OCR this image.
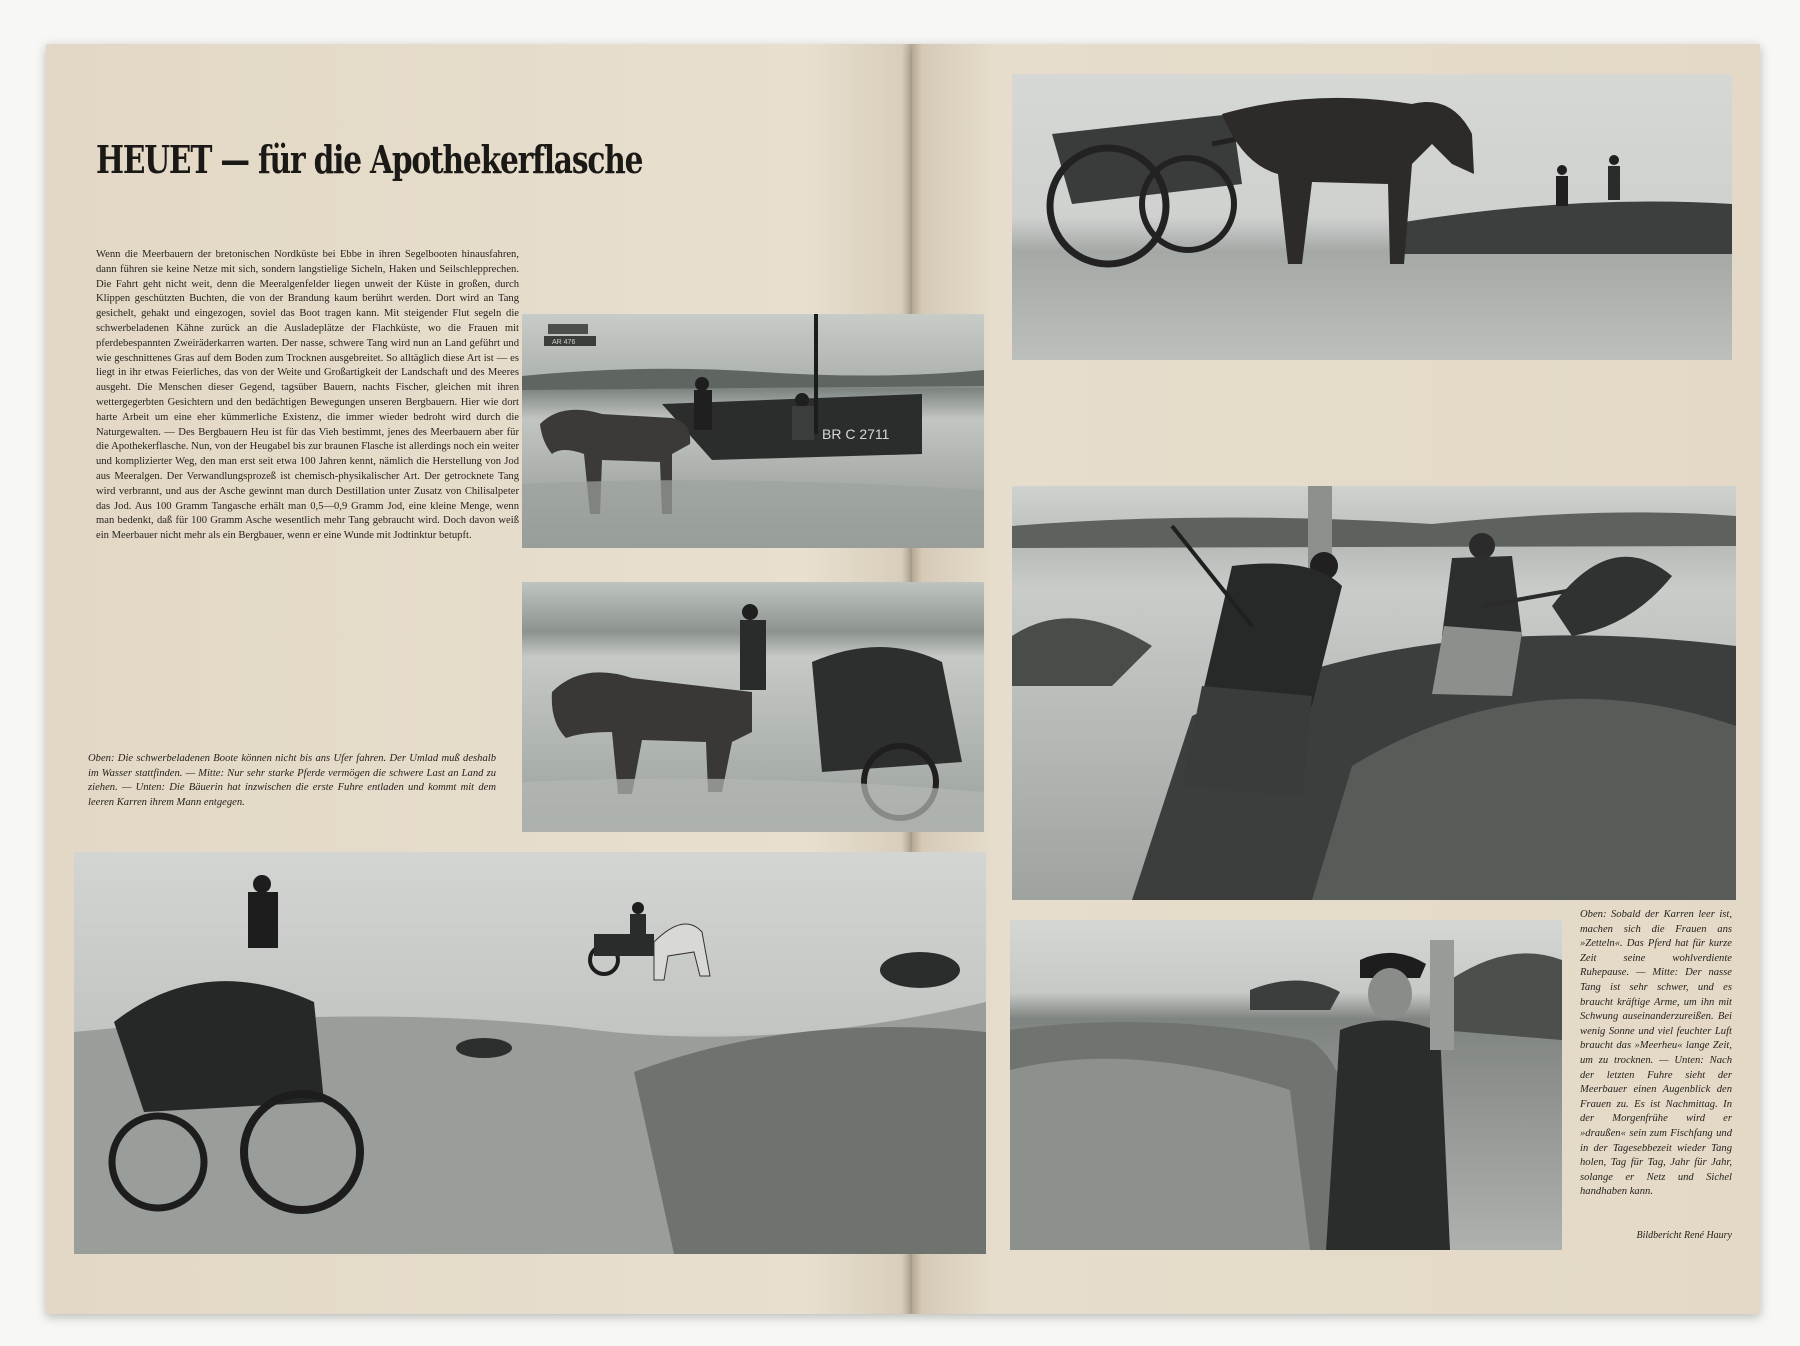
HEUET — für die Apothekerflasche

Wenn die Meerbauern der bretonischen Nordküste bei Ebbe in ihren Segelbooten hinausfahren, dann führen sie keine Netze mit sich, sondern langstielige Sicheln, Haken und Seilschlepprechen. Die Fahrt geht nicht weit, denn die Meeralgenfelder liegen unweit der Küste in großen, durch Klippen geschützten Buchten, die von der Brandung kaum berührt werden. Dort wird an Tang gesichelt, gehakt und eingezogen, soviel das Boot tragen kann. Mit steigender Flut segeln die schwerbeladenen Kähne zurück an die Ausladeplätze der Flachküste, wo die Frauen mit pferdebespannten Zweiräderkarren warten. Der nasse, schwere Tang wird nun an Land geführt und wie geschnittenes Gras auf dem Boden zum Trocknen ausgebreitet. So alltäglich diese Art ist — es liegt in ihr etwas Feierliches, das von der Weite und Großartigkeit der Landschaft und des Meeres ausgeht. Die Menschen dieser Gegend, tagsüber Bauern, nachts Fischer, gleichen mit ihren wettergegerbten Gesichtern und den bedächtigen Bewegungen unseren Bergbauern. Hier wie dort harte Arbeit um eine eher kümmerliche Existenz, die immer wieder bedroht wird durch die Naturgewalten. — Des Bergbauern Heu ist für das Vieh bestimmt, jenes des Meerbauern aber für die Apothekerflasche. Nun, von der Heugabel bis zur braunen Flasche ist allerdings noch ein weiter und komplizierter Weg, den man erst seit etwa 100 Jahren kennt, nämlich die Herstellung von Jod aus Meeralgen. Der Verwandlungsprozeß ist chemisch-physikalischer Art. Der getrocknete Tang wird verbrannt, und aus der Asche gewinnt man durch Destillation unter Zusatz von Chilisalpeter das Jod. Aus 100 Gramm Tangasche erhält man 0,5—0,9 Gramm Jod, eine kleine Menge, wenn man bedenkt, daß für 100 Gramm Asche wesentlich mehr Tang gebraucht wird. Doch davon weiß ein Meerbauer nicht mehr als ein Bergbauer, wenn er eine Wunde mit Jodtinktur betupft.

Oben: Die schwerbeladenen Boote können nicht bis ans Ufer fahren. Der Umlad muß deshalb im Wasser stattfinden. — Mitte: Nur sehr starke Pferde vermögen die schwere Last an Land zu ziehen. — Unten: Die Bäuerin hat inzwischen die erste Fuhre entladen und kommt mit dem leeren Karren ihrem Mann entgegen.

Oben: Sobald der Karren leer ist, machen sich die Frauen ans »Zetteln«. Das Pferd hat für kurze Zeit seine wohlverdiente Ruhepause. — Mitte: Der nasse Tang ist sehr schwer, und es braucht kräftige Arme, um ihn mit Schwung auseinanderzureißen. Bei wenig Sonne und viel feuchter Luft braucht das »Meerheu« lange Zeit, um zu trocknen. — Unten: Nach der letzten Fuhre sieht der Meerbauer einen Augenblick den Frauen zu. Es ist Nachmittag. In der Morgenfrühe wird er »draußen« sein zum Fischfang und in der Tagesebbezeit wieder Tang holen, Tag für Tag, Jahr für Jahr, solange er Netz und Sichel handhaben kann.

Bildbericht René Haury
BR C 2711
AR 476
